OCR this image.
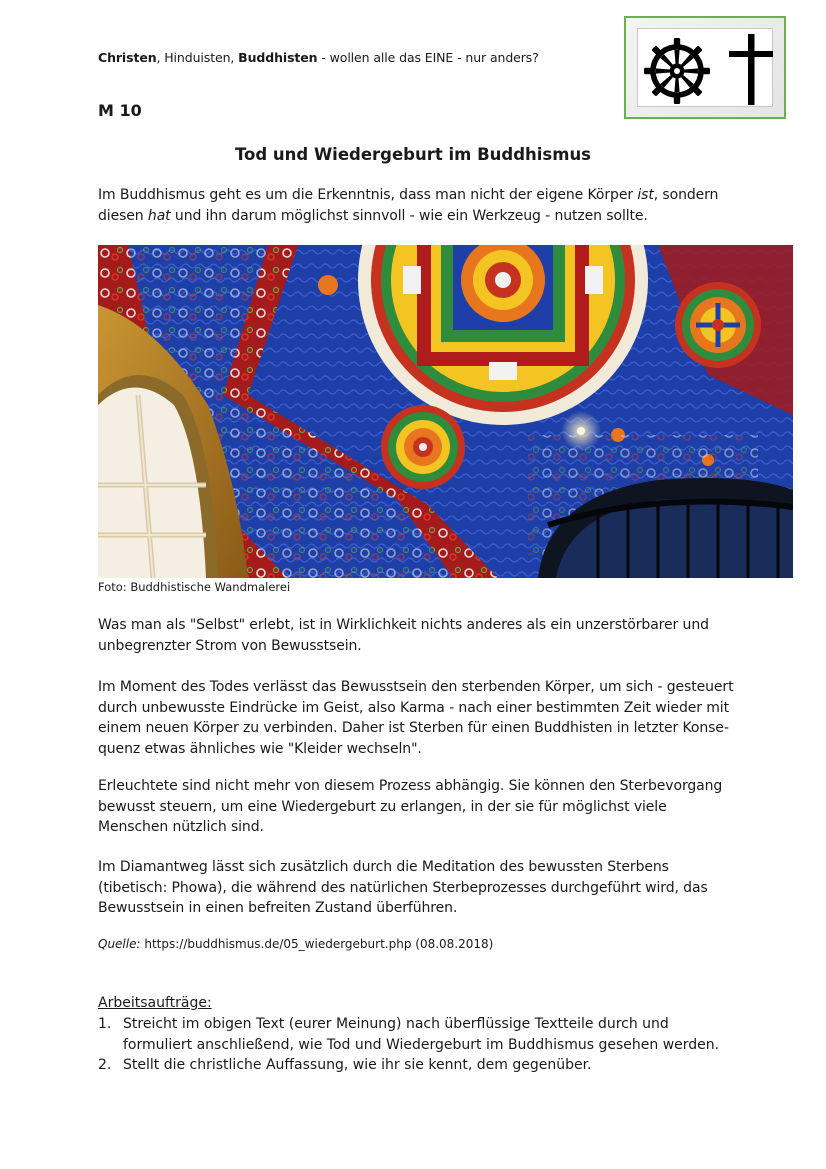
Christen, Hinduisten, Buddhisten - wollen alle das EINE - nur anders?
M 10
Tod und Wiedergeburt im Buddhismus
Im Buddhismus geht es um die Erkenntnis, dass man nicht der eigene Körper ist, sondern diesen hat und ihn darum möglichst sinnvoll - wie ein Werkzeug - nutzen sollte.
Foto: Buddhistische Wandmalerei
Was man als "Selbst" erlebt, ist in Wirklichkeit nichts anderes als ein unzerstörbarer und unbegrenzter Strom von Bewusstsein.
Im Moment des Todes verlässt das Bewusstsein den sterbenden Körper, um sich - gesteuert durch unbewusste Eindrücke im Geist, also Karma - nach einer bestimmten Zeit wieder mit einem neuen Körper zu verbinden. Daher ist Sterben für einen Buddhisten in letzter Konse-quenz etwas ähnliches wie "Kleider wechseln".
Erleuchtete sind nicht mehr von diesem Prozess abhängig. Sie können den Sterbevorgang bewusst steuern, um eine Wiedergeburt zu erlangen, in der sie für möglichst viele Menschen nützlich sind.
Im Diamantweg lässt sich zusätzlich durch die Meditation des bewussten Sterbens (tibetisch: Phowa), die während des natürlichen Sterbeprozesses durchgeführt wird, das Bewusstsein in einen befreiten Zustand überführen.
Quelle: https://buddhismus.de/05_wiedergeburt.php (08.08.2018)
Arbeitsaufträge:
1. Streicht im obigen Text (eurer Meinung) nach überflüssige Textteile durch und formuliert anschließend, wie Tod und Wiedergeburt im Buddhismus gesehen werden.
2. Stellt die christliche Auffassung, wie ihr sie kennt, dem gegenüber.
